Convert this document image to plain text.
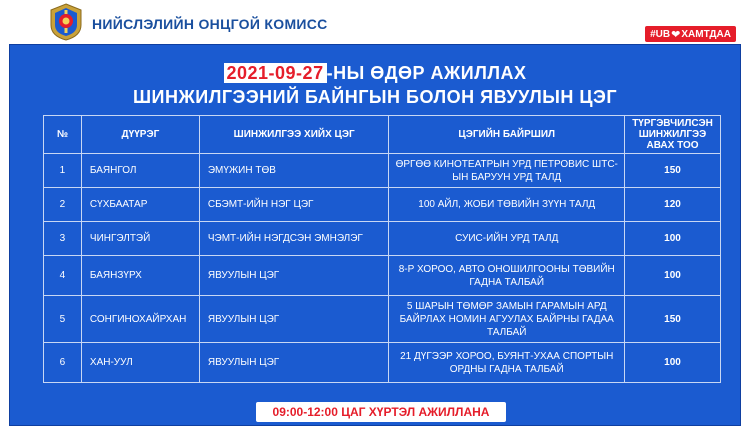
НИЙСЛЭЛИЙН ОНЦГОЙ КОМИСС
#UB ❤ ХАМТДАА
2021-09-27 -НЫ ӨДӨР АЖИЛЛАХ
ШИНЖИЛГЭЭНИЙ БАЙНГЫН БОЛОН ЯВУУЛЫН ЦЭГ
№	ДҮҮРЭГ	ШИНЖИЛГЭЭ ХИЙХ ЦЭГ	ЦЭГИЙН БАЙРШИЛ	ТҮРГЭВЧИЛСЭН ШИНЖИЛГЭЭ АВАХ ТОО
1	БАЯНГОЛ	ЭМҮЖИН ТӨВ	ӨРГӨӨ КИНОТЕАТРЫН УРД ПЕТРОВИС ШТС-ЫН БАРУУН УРД ТАЛД	150
2	СҮХБААТАР	СБЭМТ-ИЙН НЭГ ЦЭГ	100 АЙЛ, ЖОБИ ТӨВИЙН ЗҮҮН ТАЛД	120
3	ЧИНГЭЛТЭЙ	ЧЭМТ-ИЙН НЭГДСЭН ЭМНЭЛЭГ	СУИС-ИЙН УРД ТАЛД	100
4	БАЯНЗҮРХ	ЯВУУЛЫН ЦЭГ	8-Р ХОРОО, АВТО ОНОШИЛГООНЫ ТӨВИЙН ГАДНА ТАЛБАЙ	100
5	СОНГИНОХАЙРХАН	ЯВУУЛЫН ЦЭГ	5 ШАРЫН ТӨМӨР ЗАМЫН ГАРАМЫН АРД БАЙРЛАХ НОМИН АГУУЛАХ БАЙРНЫ ГАДАА ТАЛБАЙ	150
6	ХАН-УУЛ	ЯВУУЛЫН ЦЭГ	21 ДҮГЭЭР ХОРОО, БУЯНТ-УХАА СПОРТЫН ОРДНЫ ГАДНА ТАЛБАЙ	100
09:00-12:00 ЦАГ ХҮРТЭЛ АЖИЛЛАНА
